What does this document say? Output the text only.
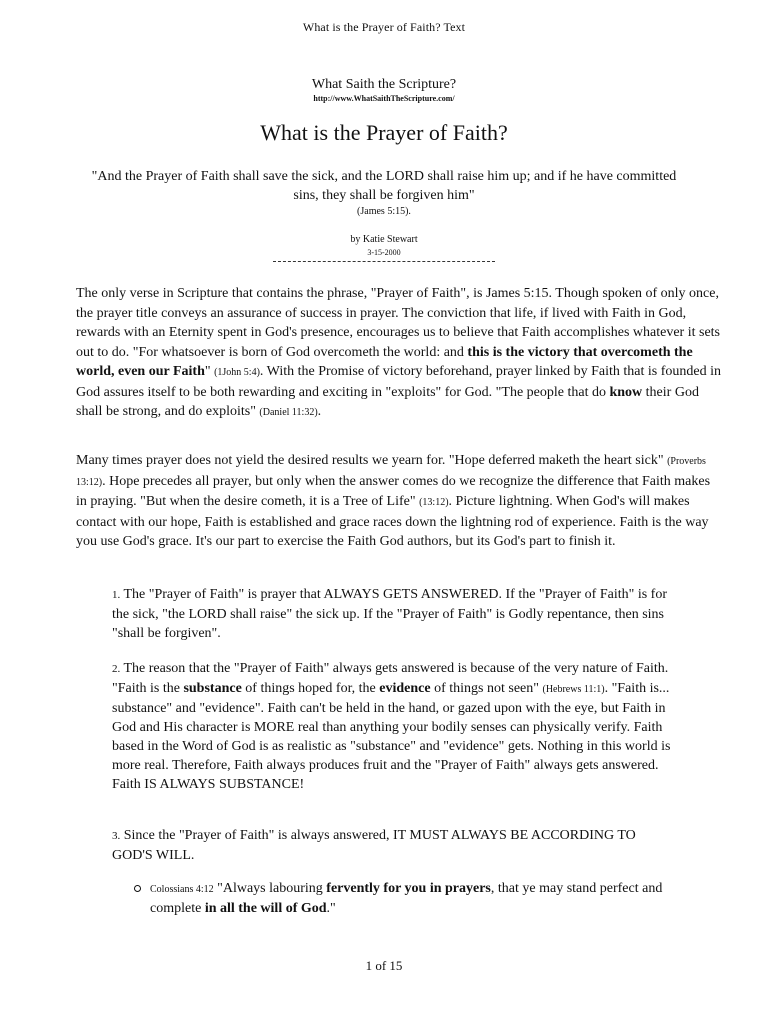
What is the Prayer of Faith? Text
What Saith the Scripture?
http://www.WhatSaithTheScripture.com/
What is the Prayer of Faith?
"And the Prayer of Faith shall save the sick, and the LORD shall raise him up; and if he have committed sins, they shall be forgiven him"
(James 5:15).
by Katie Stewart
3-15-2000
The only verse in Scripture that contains the phrase, "Prayer of Faith", is James 5:15. Though spoken of only once, the prayer title conveys an assurance of success in prayer. The conviction that life, if lived with Faith in God, rewards with an Eternity spent in God's presence, encourages us to believe that Faith accomplishes whatever it sets out to do. "For whatsoever is born of God overcometh the world: and this is the victory that overcometh the world, even our Faith" (1John 5:4). With the Promise of victory beforehand, prayer linked by Faith that is founded in God assures itself to be both rewarding and exciting in "exploits" for God. "The people that do know their God shall be strong, and do exploits" (Daniel 11:32).
Many times prayer does not yield the desired results we yearn for. "Hope deferred maketh the heart sick" (Proverbs 13:12). Hope precedes all prayer, but only when the answer comes do we recognize the difference that Faith makes in praying. "But when the desire cometh, it is a Tree of Life" (13:12). Picture lightning. When God's will makes contact with our hope, Faith is established and grace races down the lightning rod of experience. Faith is the way you use God's grace. It's our part to exercise the Faith God authors, but its God's part to finish it.
1. The "Prayer of Faith" is prayer that ALWAYS GETS ANSWERED. If the "Prayer of Faith" is for the sick, "the LORD shall raise" the sick up. If the "Prayer of Faith" is Godly repentance, then sins "shall be forgiven".
2. The reason that the "Prayer of Faith" always gets answered is because of the very nature of Faith. "Faith is the substance of things hoped for, the evidence of things not seen" (Hebrews 11:1). "Faith is... substance" and "evidence". Faith can't be held in the hand, or gazed upon with the eye, but Faith in God and His character is MORE real than anything your bodily senses can physically verify. Faith based in the Word of God is as realistic as "substance" and "evidence" gets. Nothing in this world is more real. Therefore, Faith always produces fruit and the "Prayer of Faith" always gets answered. Faith IS ALWAYS SUBSTANCE!
3. Since the "Prayer of Faith" is always answered, IT MUST ALWAYS BE ACCORDING TO GOD'S WILL.
Colossians 4:12 "Always labouring fervently for you in prayers, that ye may stand perfect and complete in all the will of God."
1 of 15
